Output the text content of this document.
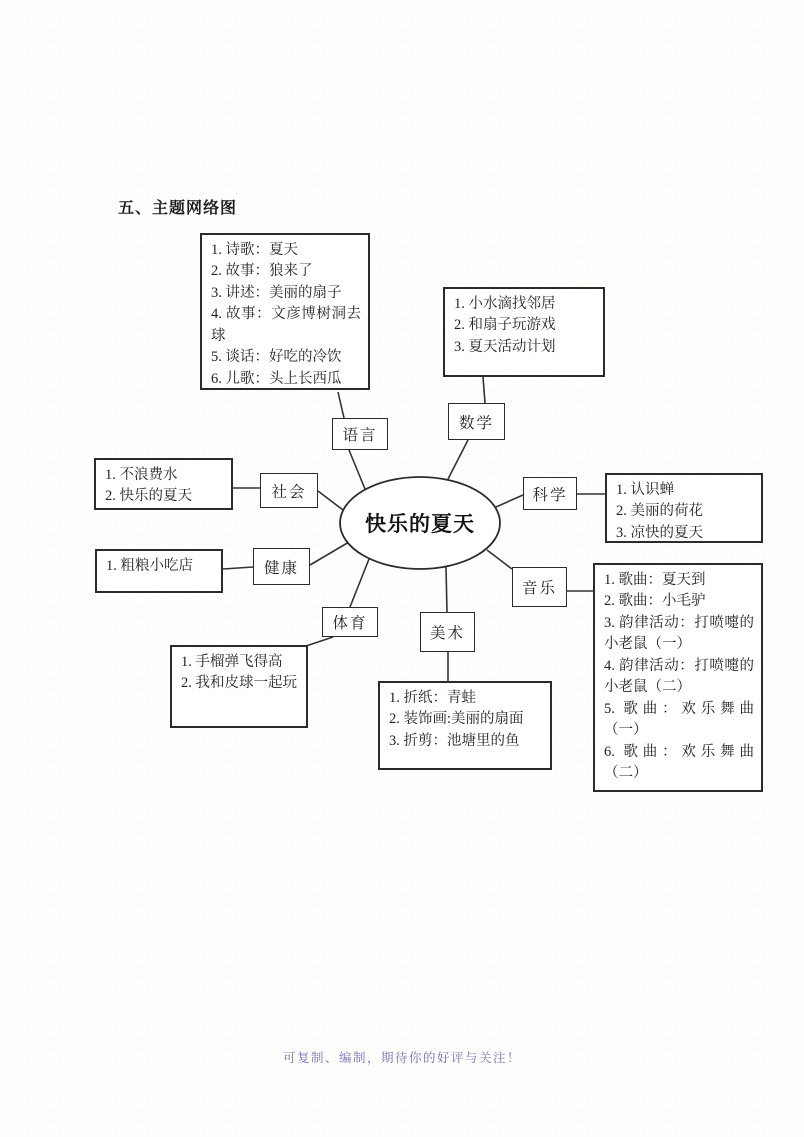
五、主题网络图
快乐的夏天
语言
数学
科学
社会
健康
音乐
体育
美术
1. 诗歌：夏天
2. 故事：狼来了
3. 讲述：美丽的扇子
4. 故事：文彦博树洞去球
5. 谈话：好吃的冷饮
6. 儿歌：头上长西瓜
1. 小水滴找邻居
2. 和扇子玩游戏
3. 夏天活动计划
1. 认识蝉
2. 美丽的荷花
3. 凉快的夏天
1. 不浪费水
2. 快乐的夏天
1. 粗粮小吃店
1. 歌曲：夏天到
2. 歌曲：小毛驴
3. 韵律活动：打喷嚏的小老鼠（一）
4. 韵律活动：打喷嚏的小老鼠（二）
5. 歌曲：欢乐舞曲（一）
6. 歌曲：欢乐舞曲（二）
1. 手榴弹飞得高
2. 我和皮球一起玩
1. 折纸：青蛙
2. 装饰画:美丽的扇面
3. 折剪：池塘里的鱼
可复制、编制，期待你的好评与关注！
